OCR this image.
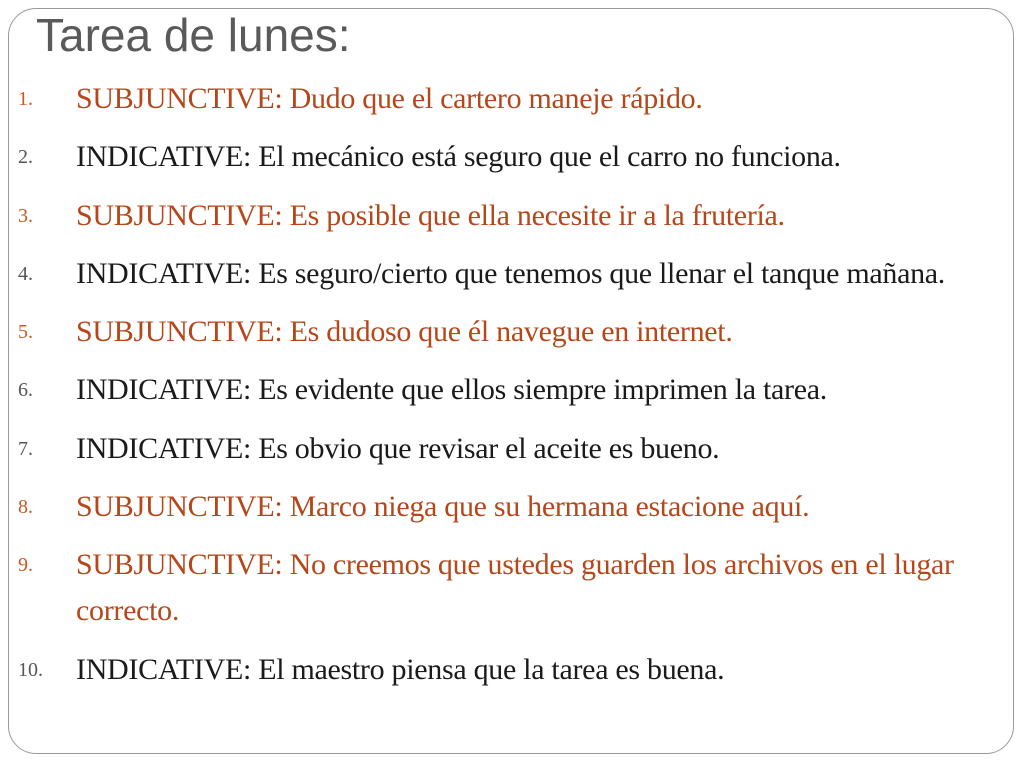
Tarea de lunes:
1.	SUBJUNCTIVE: Dudo que el cartero maneje rápido.
2.	INDICATIVE: El mecánico está seguro que el carro no funciona.
3.	SUBJUNCTIVE: Es posible que ella necesite ir a la frutería.
4.	INDICATIVE: Es seguro/cierto que tenemos que llenar el tanque mañana.
5.	SUBJUNCTIVE: Es dudoso que él navegue en internet.
6.	INDICATIVE: Es evidente que ellos siempre imprimen la tarea.
7.	INDICATIVE: Es obvio que revisar el aceite es bueno.
8.	SUBJUNCTIVE: Marco niega que su hermana estacione aquí.
9.	SUBJUNCTIVE: No creemos que ustedes guarden los archivos en el lugar correcto.
10.	INDICATIVE: El maestro piensa que la tarea es buena.
